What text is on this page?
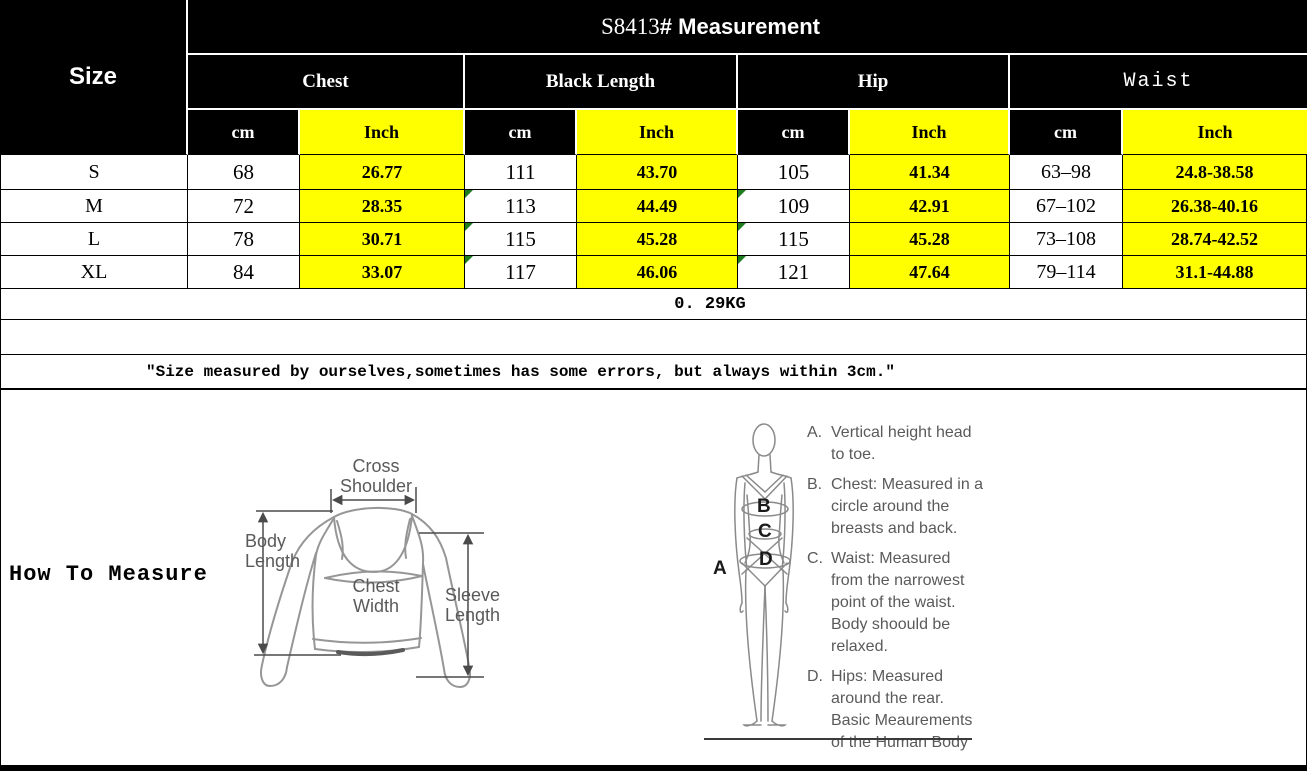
Size
S8413 # Measurement
Chest	Black Length	Hip	Waist
cm	Inch	cm	Inch	cm	Inch	cm	Inch
S	68	26.77	111	43.70	105	41.34	63–98	24.8-38.58
M	72	28.35	113	44.49	109	42.91	67–102	26.38-40.16
L	78	30.71	115	45.28	115	45.28	73–108	28.74-42.52
XL	84	33.07	117	46.06	121	47.64	79–114	31.1-44.88
0. 29KG
″Size measured by ourselves,sometimes has some errors, but always within 3cm.″
How To Measure
Cross Shoulder
Body Length
Chest Width
Sleeve Length
A
B
C
D
A. Vertical height head
to toe.
B. Chest: Measured in a
circle around the
breasts and back.
C. Waist: Measured
from the narrowest
point of the waist.
Body shoould be
relaxed.
D. Hips: Measured
around the rear.
Basic Meaurements
of the Human Body
